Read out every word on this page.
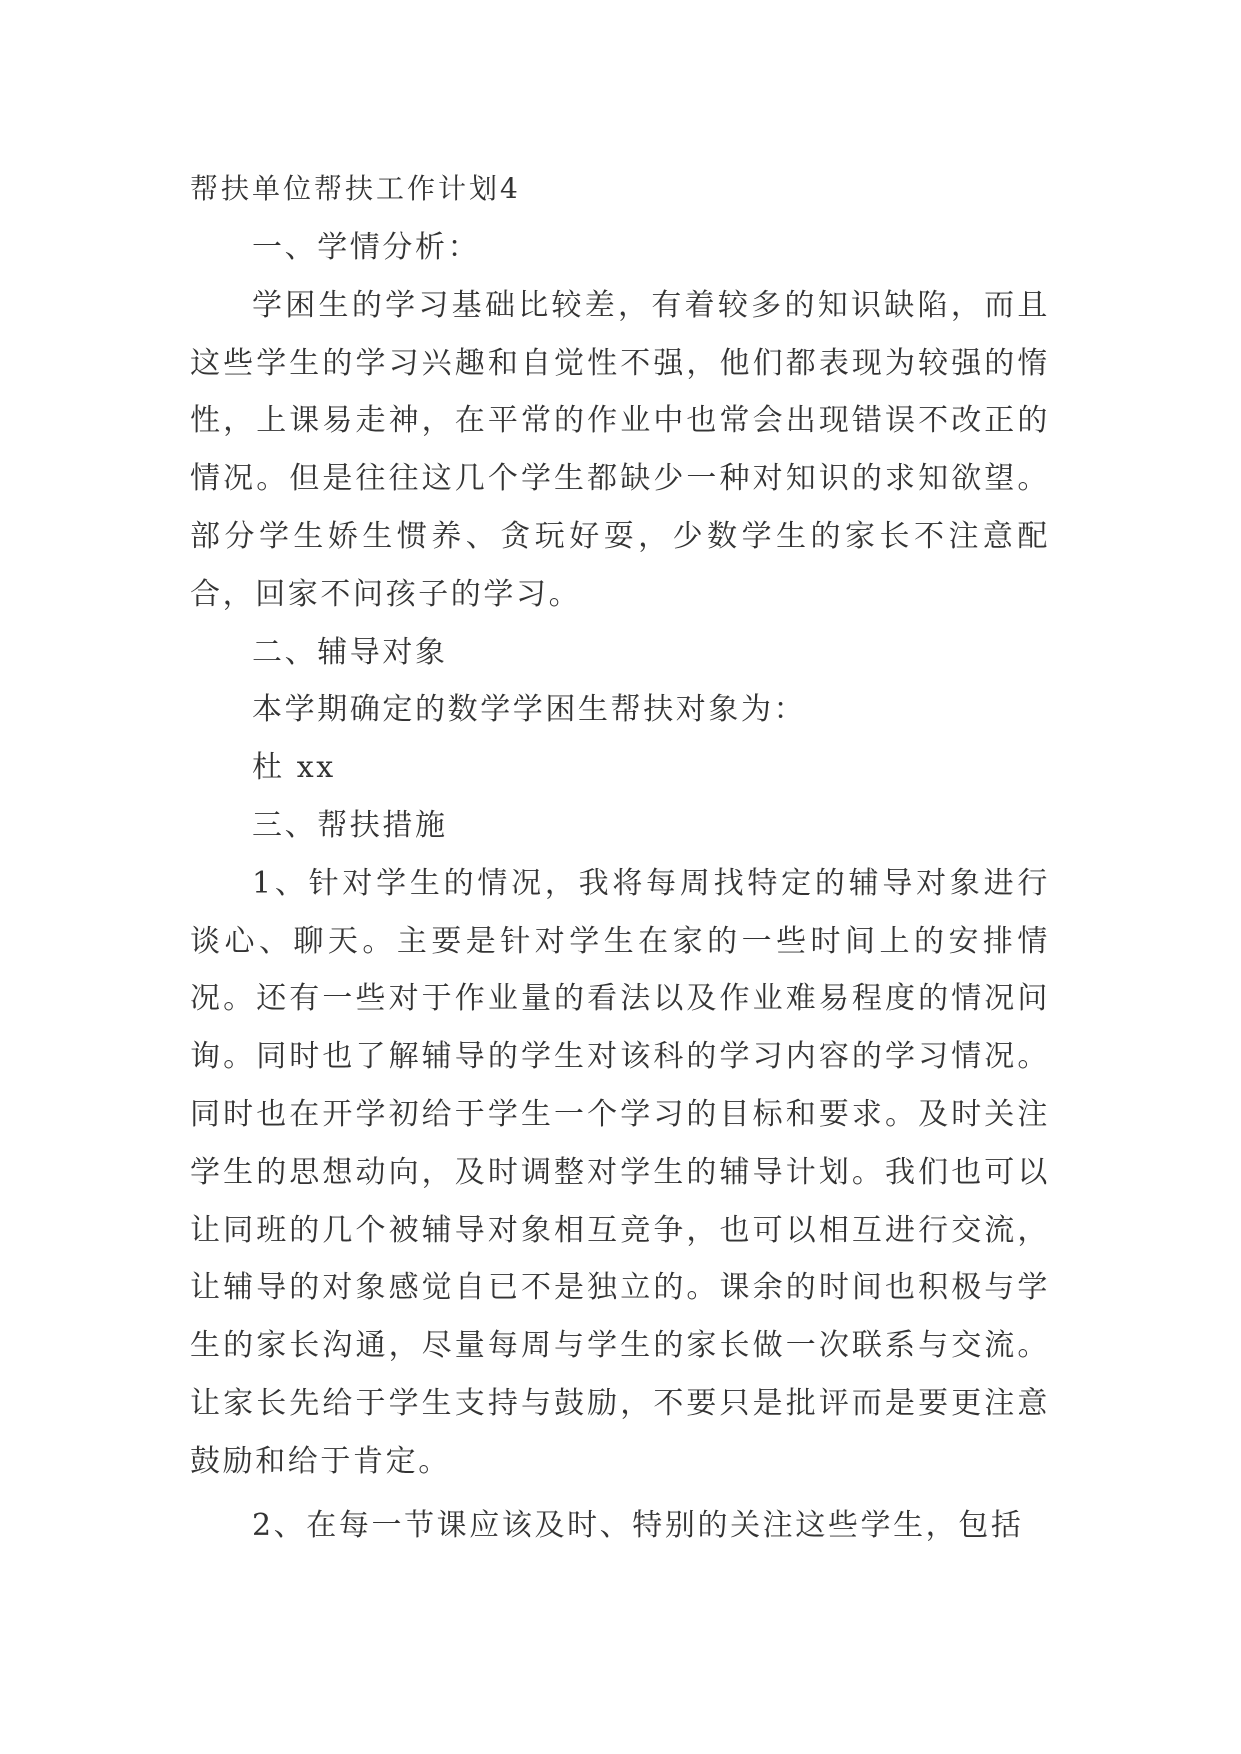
帮扶单位帮扶工作计划4

一、学情分析：

学困生的学习基础比较差，有着较多的知识缺陷，而且这些学生的学习兴趣和自觉性不强，他们都表现为较强的惰性，上课易走神，在平常的作业中也常会出现错误不改正的情况。但是往往这几个学生都缺少一种对知识的求知欲望。部分学生娇生惯养、贪玩好耍，少数学生的家长不注意配合，回家不问孩子的学习。

二、辅导对象

本学期确定的数学学困生帮扶对象为：

杜 xx

三、帮扶措施

1、针对学生的情况，我将每周找特定的辅导对象进行谈心、聊天。主要是针对学生在家的一些时间上的安排情况。还有一些对于作业量的看法以及作业难易程度的情况问询。同时也了解辅导的学生对该科的学习内容的学习情况。同时也在开学初给于学生一个学习的目标和要求。及时关注学生的思想动向，及时调整对学生的辅导计划。我们也可以让同班的几个被辅导对象相互竞争，也可以相互进行交流，让辅导的对象感觉自已不是独立的。课余的时间也积极与学生的家长沟通，尽量每周与学生的家长做一次联系与交流。让家长先给于学生支持与鼓励，不要只是批评而是要更注意鼓励和给于肯定。

2、在每一节课应该及时、特别的关注这些学生，包括
